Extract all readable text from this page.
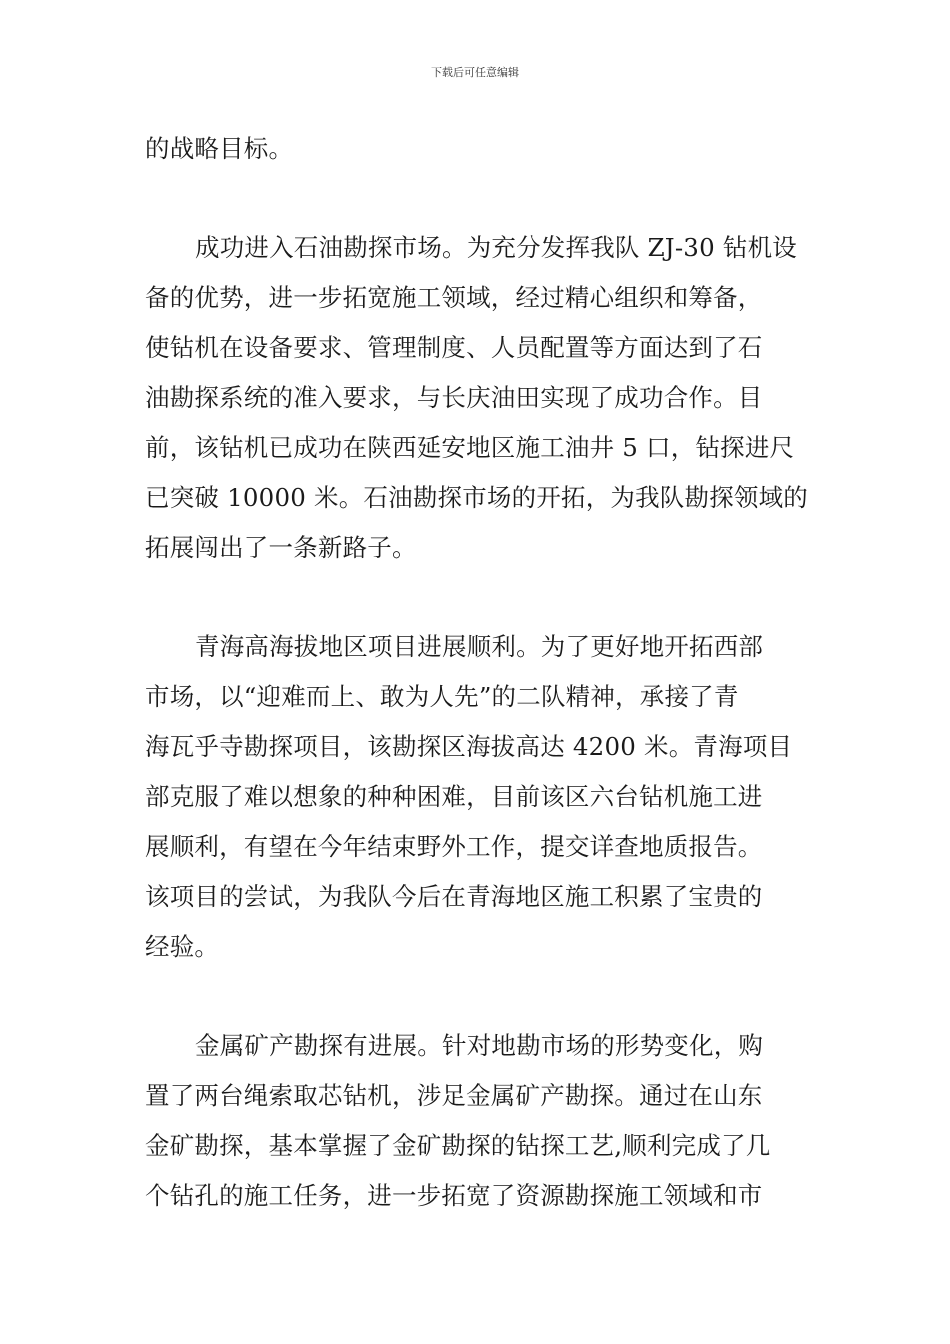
下载后可任意编辑
的战略目标。
成功进入石油勘探市场。为充分发挥我队 ZJ-30 钻机设
备的优势，进一步拓宽施工领域，经过精心组织和筹备，
使钻机在设备要求、管理制度、人员配置等方面达到了石
油勘探系统的准入要求，与长庆油田实现了成功合作。目
前，该钻机已成功在陕西延安地区施工油井 5 口，钻探进尺
已突破 10000 米。石油勘探市场的开拓，为我队勘探领域的
拓展闯出了一条新路子。
青海高海拔地区项目进展顺利。为了更好地开拓西部
市场，以“迎难而上、敢为人先”的二队精神，承接了青
海瓦乎寺勘探项目，该勘探区海拔高达 4200 米。青海项目
部克服了难以想象的种种困难，目前该区六台钻机施工进
展顺利，有望在今年结束野外工作，提交详查地质报告。
该项目的尝试，为我队今后在青海地区施工积累了宝贵的
经验。
金属矿产勘探有进展。针对地勘市场的形势变化，购
置了两台绳索取芯钻机，涉足金属矿产勘探。通过在山东
金矿勘探，基本掌握了金矿勘探的钻探工艺,顺利完成了几
个钻孔的施工任务，进一步拓宽了资源勘探施工领域和市
